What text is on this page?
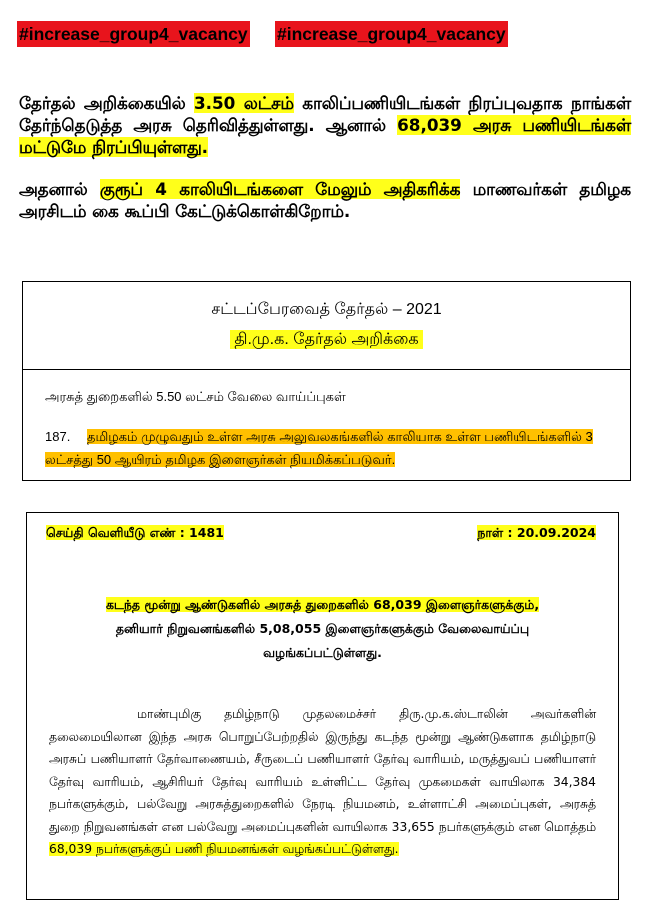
#increase_group4_vacancy #increase_group4_vacancy
தேர்தல் அறிக்கையில் 3.50 லட்சம் காலிப்பணியிடங்கள் நிரப்புவதாக நாங்கள் தேர்ந்தெடுத்த அரசு தெரிவித்துள்ளது. ஆனால் 68,039 அரசு பணியிடங்கள் மட்டுமே நிரப்பியுள்ளது.
அதனால் குரூப் 4 காலியிடங்களை மேலும் அதிகரிக்க மாணவர்கள் தமிழக அரசிடம் கை கூப்பி கேட்டுக்கொள்கிறோம்.
சட்டப்பேரவைத் தேர்தல் – 2021
தி.மு.க. தேர்தல் அறிக்கை
அரசுத் துறைகளில் 5.50 லட்சம் வேலை வாய்ப்புகள்
187. தமிழகம் முழுவதும் உள்ள அரசு அலுவலகங்களில் காலியாக உள்ள பணியிடங்களில் 3 லட்சத்து 50 ஆயிரம் தமிழக இளைஞர்கள் நியமிக்கப்படுவர்.
செய்தி வெளியீடு எண் : 1481	நாள் : 20.09.2024
கடந்த மூன்று ஆண்டுகளில் அரசுத் துறைகளில் 68,039 இளைஞர்களுக்கும்,
தனியார் நிறுவனங்களில் 5,08,055 இளைஞர்களுக்கும் வேலைவாய்ப்பு
வழங்கப்பட்டுள்ளது.
மாண்புமிகு தமிழ்நாடு முதலமைச்சர் திரு.மு.க.ஸ்டாலின் அவர்களின் தலைமையிலான இந்த அரசு பொறுப்பேற்றதில் இருந்து கடந்த மூன்று ஆண்டுகளாக தமிழ்நாடு அரசுப் பணியாளர் தேர்வாணையம், சீருடைப் பணியாளர் தேர்வு வாரியம், மருத்துவப் பணியாளர் தேர்வு வாரியம், ஆசிரியர் தேர்வு வாரியம் உள்ளிட்ட தேர்வு முகமைகள் வாயிலாக 34,384 நபர்களுக்கும், பல்வேறு அரசுத்துறைகளில் நேரடி நியமனம், உள்ளாட்சி அமைப்புகள், அரசுத் துறை நிறுவனங்கள் என பல்வேறு அமைப்புகளின் வாயிலாக 33,655 நபர்களுக்கும் என மொத்தம் 68,039 நபர்களுக்குப் பணி நியமனங்கள் வழங்கப்பட்டுள்ளது.
